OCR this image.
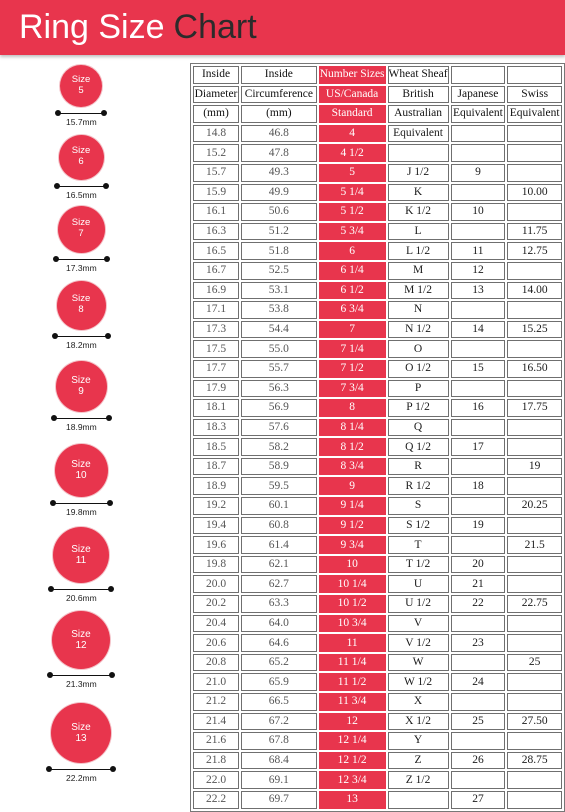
Ring Size Chart
Size
5
15.7mm
Size
6
16.5mm
Size
7
17.3mm
Size
8
18.2mm
Size
9
18.9mm
Size
10
19.8mm
Size
11
20.6mm
Size
12
21.3mm
Size
13
22.2mm
Inside	Inside	Number Sizes	Wheat Sheaf		
Diameter	Circumference	US/Canada	British	Japanese	Swiss
(mm)	(mm)	Standard	Australian	Equivalent	Equivalent
14.8	46.8	4	Equivalent		
15.2	47.8	4 1/2			
15.7	49.3	5	J 1/2	9	
15.9	49.9	5 1/4	K		10.00
16.1	50.6	5 1/2	K 1/2	10	
16.3	51.2	5 3/4	L		11.75
16.5	51.8	6	L 1/2	11	12.75
16.7	52.5	6 1/4	M	12	
16.9	53.1	6 1/2	M 1/2	13	14.00
17.1	53.8	6 3/4	N		
17.3	54.4	7	N 1/2	14	15.25
17.5	55.0	7 1/4	O		
17.7	55.7	7 1/2	O 1/2	15	16.50
17.9	56.3	7 3/4	P		
18.1	56.9	8	P 1/2	16	17.75
18.3	57.6	8 1/4	Q		
18.5	58.2	8 1/2	Q 1/2	17	
18.7	58.9	8 3/4	R		19
18.9	59.5	9	R 1/2	18	
19.2	60.1	9 1/4	S		20.25
19.4	60.8	9 1/2	S 1/2	19	
19.6	61.4	9 3/4	T		21.5
19.8	62.1	10	T 1/2	20	
20.0	62.7	10 1/4	U	21	
20.2	63.3	10 1/2	U 1/2	22	22.75
20.4	64.0	10 3/4	V		
20.6	64.6	11	V 1/2	23	
20.8	65.2	11 1/4	W		25
21.0	65.9	11 1/2	W 1/2	24	
21.2	66.5	11 3/4	X		
21.4	67.2	12	X 1/2	25	27.50
21.6	67.8	12 1/4	Y		
21.8	68.4	12 1/2	Z	26	28.75
22.0	69.1	12 3/4	Z 1/2		
22.2	69.7	13		27	
